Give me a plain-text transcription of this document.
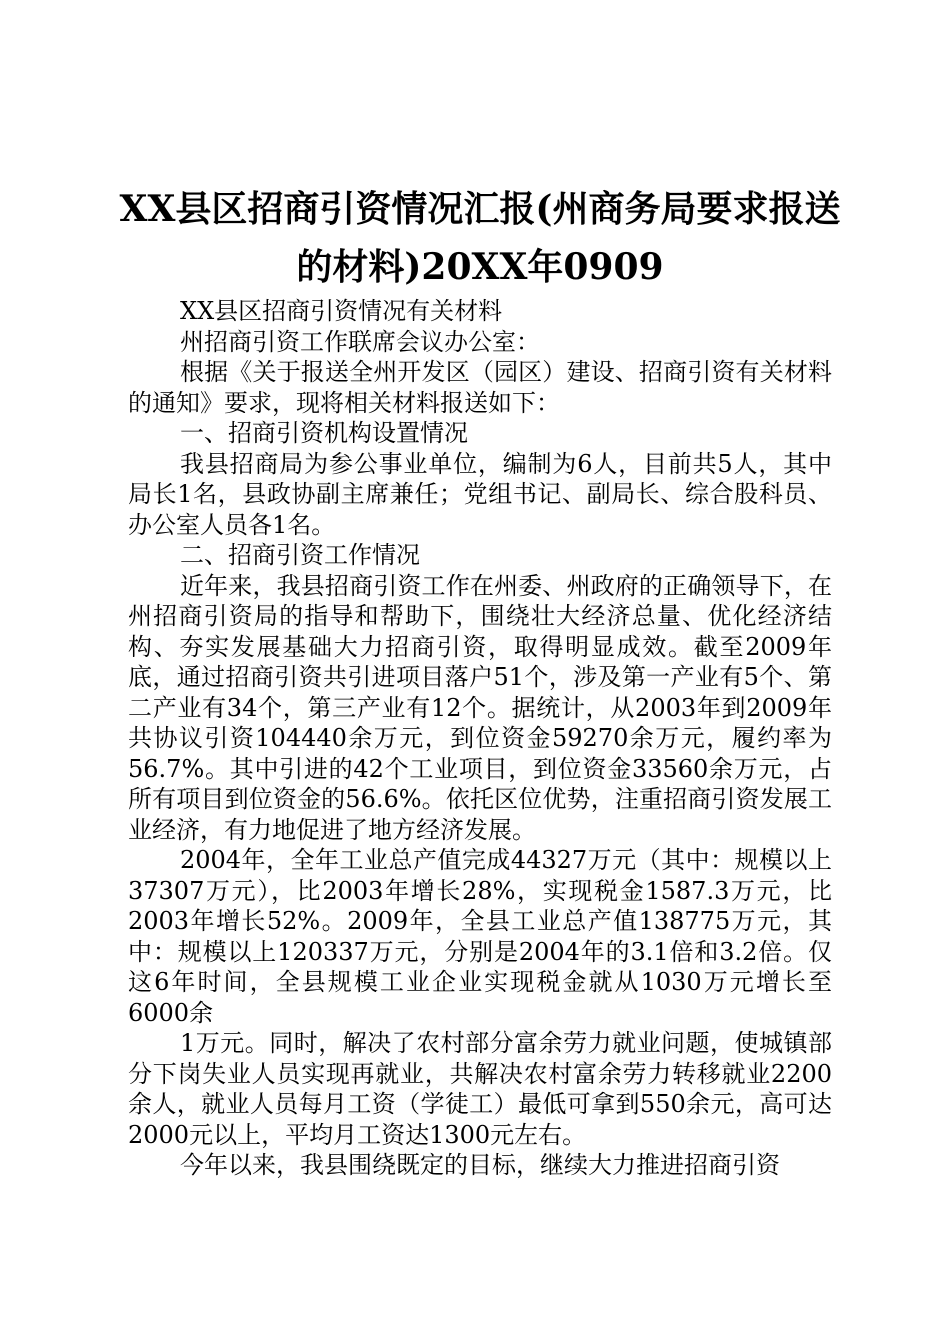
XX县区招商引资情况汇报(州商务局要求报送
的材料)20XX年0909

XX县区招商引资情况有关材料

州招商引资工作联席会议办公室：

根据《关于报送全州开发区（园区）建设、招商引资有关材料的通知》要求，现将相关材料报送如下：

一、招商引资机构设置情况

我县招商局为参公事业单位，编制为6人，目前共5人，其中局长1名，县政协副主席兼任；党组书记、副局长、综合股科员、办公室人员各1名。

二、招商引资工作情况

近年来，我县招商引资工作在州委、州政府的正确领导下，在州招商引资局的指导和帮助下，围绕壮大经济总量、优化经济结构、夯实发展基础大力招商引资，取得明显成效。截至2009年底，通过招商引资共引进项目落户51个，涉及第一产业有5个、第二产业有34个，第三产业有12个。据统计，从2003年到2009年共协议引资104440余万元，到位资金59270余万元，履约率为56.7%。其中引进的42个工业项目，到位资金33560余万元，占所有项目到位资金的56.6%。依托区位优势，注重招商引资发展工业经济，有力地促进了地方经济发展。

2004年，全年工业总产值完成44327万元（其中：规模以上37307万元），比2003年增长28%，实现税金1587.3万元，比2003年增长52%。2009年，全县工业总产值138775万元，其中：规模以上120337万元，分别是2004年的3.1倍和3.2倍。仅这6年时间，全县规模工业企业实现税金就从1030万元增长至6000余

1万元。同时，解决了农村部分富余劳力就业问题，使城镇部分下岗失业人员实现再就业，共解决农村富余劳力转移就业2200余人，就业人员每月工资（学徒工）最低可拿到550余元，高可达2000元以上，平均月工资达1300元左右。

今年以来，我县围绕既定的目标，继续大力推进招商引资
